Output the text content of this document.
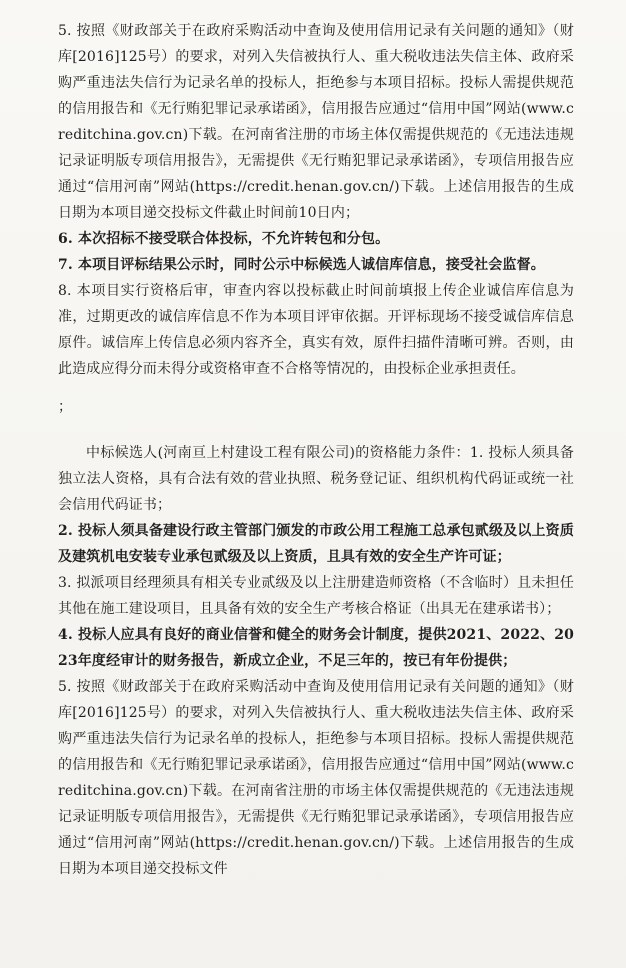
5. 按照《财政部关于在政府采购活动中查询及使用信用记录有关问题的通知》（财库[2016]125号）的要求，对列入失信被执行人、重大税收违法失信主体、政府采购严重违法失信行为记录名单的投标人，拒绝参与本项目招标。投标人需提供规范的信用报告和《无行贿犯罪记录承诺函》，信用报告应通过“信用中国”网站(www.creditchina.gov.cn)下载。在河南省注册的市场主体仅需提供规范的《无违法违规记录证明版专项信用报告》，无需提供《无行贿犯罪记录承诺函》，专项信用报告应通过“信用河南”网站(https://credit.henan.gov.cn/)下载。上述信用报告的生成日期为本项目递交投标文件截止时间前10日内；

6. 本次招标不接受联合体投标，不允许转包和分包。

7. 本项目评标结果公示时，同时公示中标候选人诚信库信息，接受社会监督。

8. 本项目实行资格后审，审查内容以投标截止时间前填报上传企业诚信库信息为准，过期更改的诚信库信息不作为本项目评审依据。开评标现场不接受诚信库信息原件。诚信库上传信息必须内容齐全，真实有效，原件扫描件清晰可辨。否则，由此造成应得分而未得分或资格审查不合格等情况的，由投标企业承担责任。

；

中标候选人(河南亘上村建设工程有限公司)的资格能力条件：1. 投标人须具备独立法人资格，具有合法有效的营业执照、税务登记证、组织机构代码证或统一社会信用代码证书；

2. 投标人须具备建设行政主管部门颁发的市政公用工程施工总承包贰级及以上资质及建筑机电安装专业承包贰级及以上资质，且具有效的安全生产许可证；

3. 拟派项目经理须具有相关专业贰级及以上注册建造师资格（不含临时）且未担任其他在施工建设项目，且具备有效的安全生产考核合格证（出具无在建承诺书）；

4. 投标人应具有良好的商业信誉和健全的财务会计制度，提供2021、2022、2023年度经审计的财务报告，新成立企业，不足三年的，按已有年份提供；

5. 按照《财政部关于在政府采购活动中查询及使用信用记录有关问题的通知》（财库[2016]125号）的要求，对列入失信被执行人、重大税收违法失信主体、政府采购严重违法失信行为记录名单的投标人，拒绝参与本项目招标。投标人需提供规范的信用报告和《无行贿犯罪记录承诺函》，信用报告应通过“信用中国”网站(www.creditchina.gov.cn)下载。在河南省注册的市场主体仅需提供规范的《无违法违规记录证明版专项信用报告》，无需提供《无行贿犯罪记录承诺函》，专项信用报告应通过“信用河南”网站(https://credit.henan.gov.cn/)下载。上述信用报告的生成日期为本项目递交投标文件
